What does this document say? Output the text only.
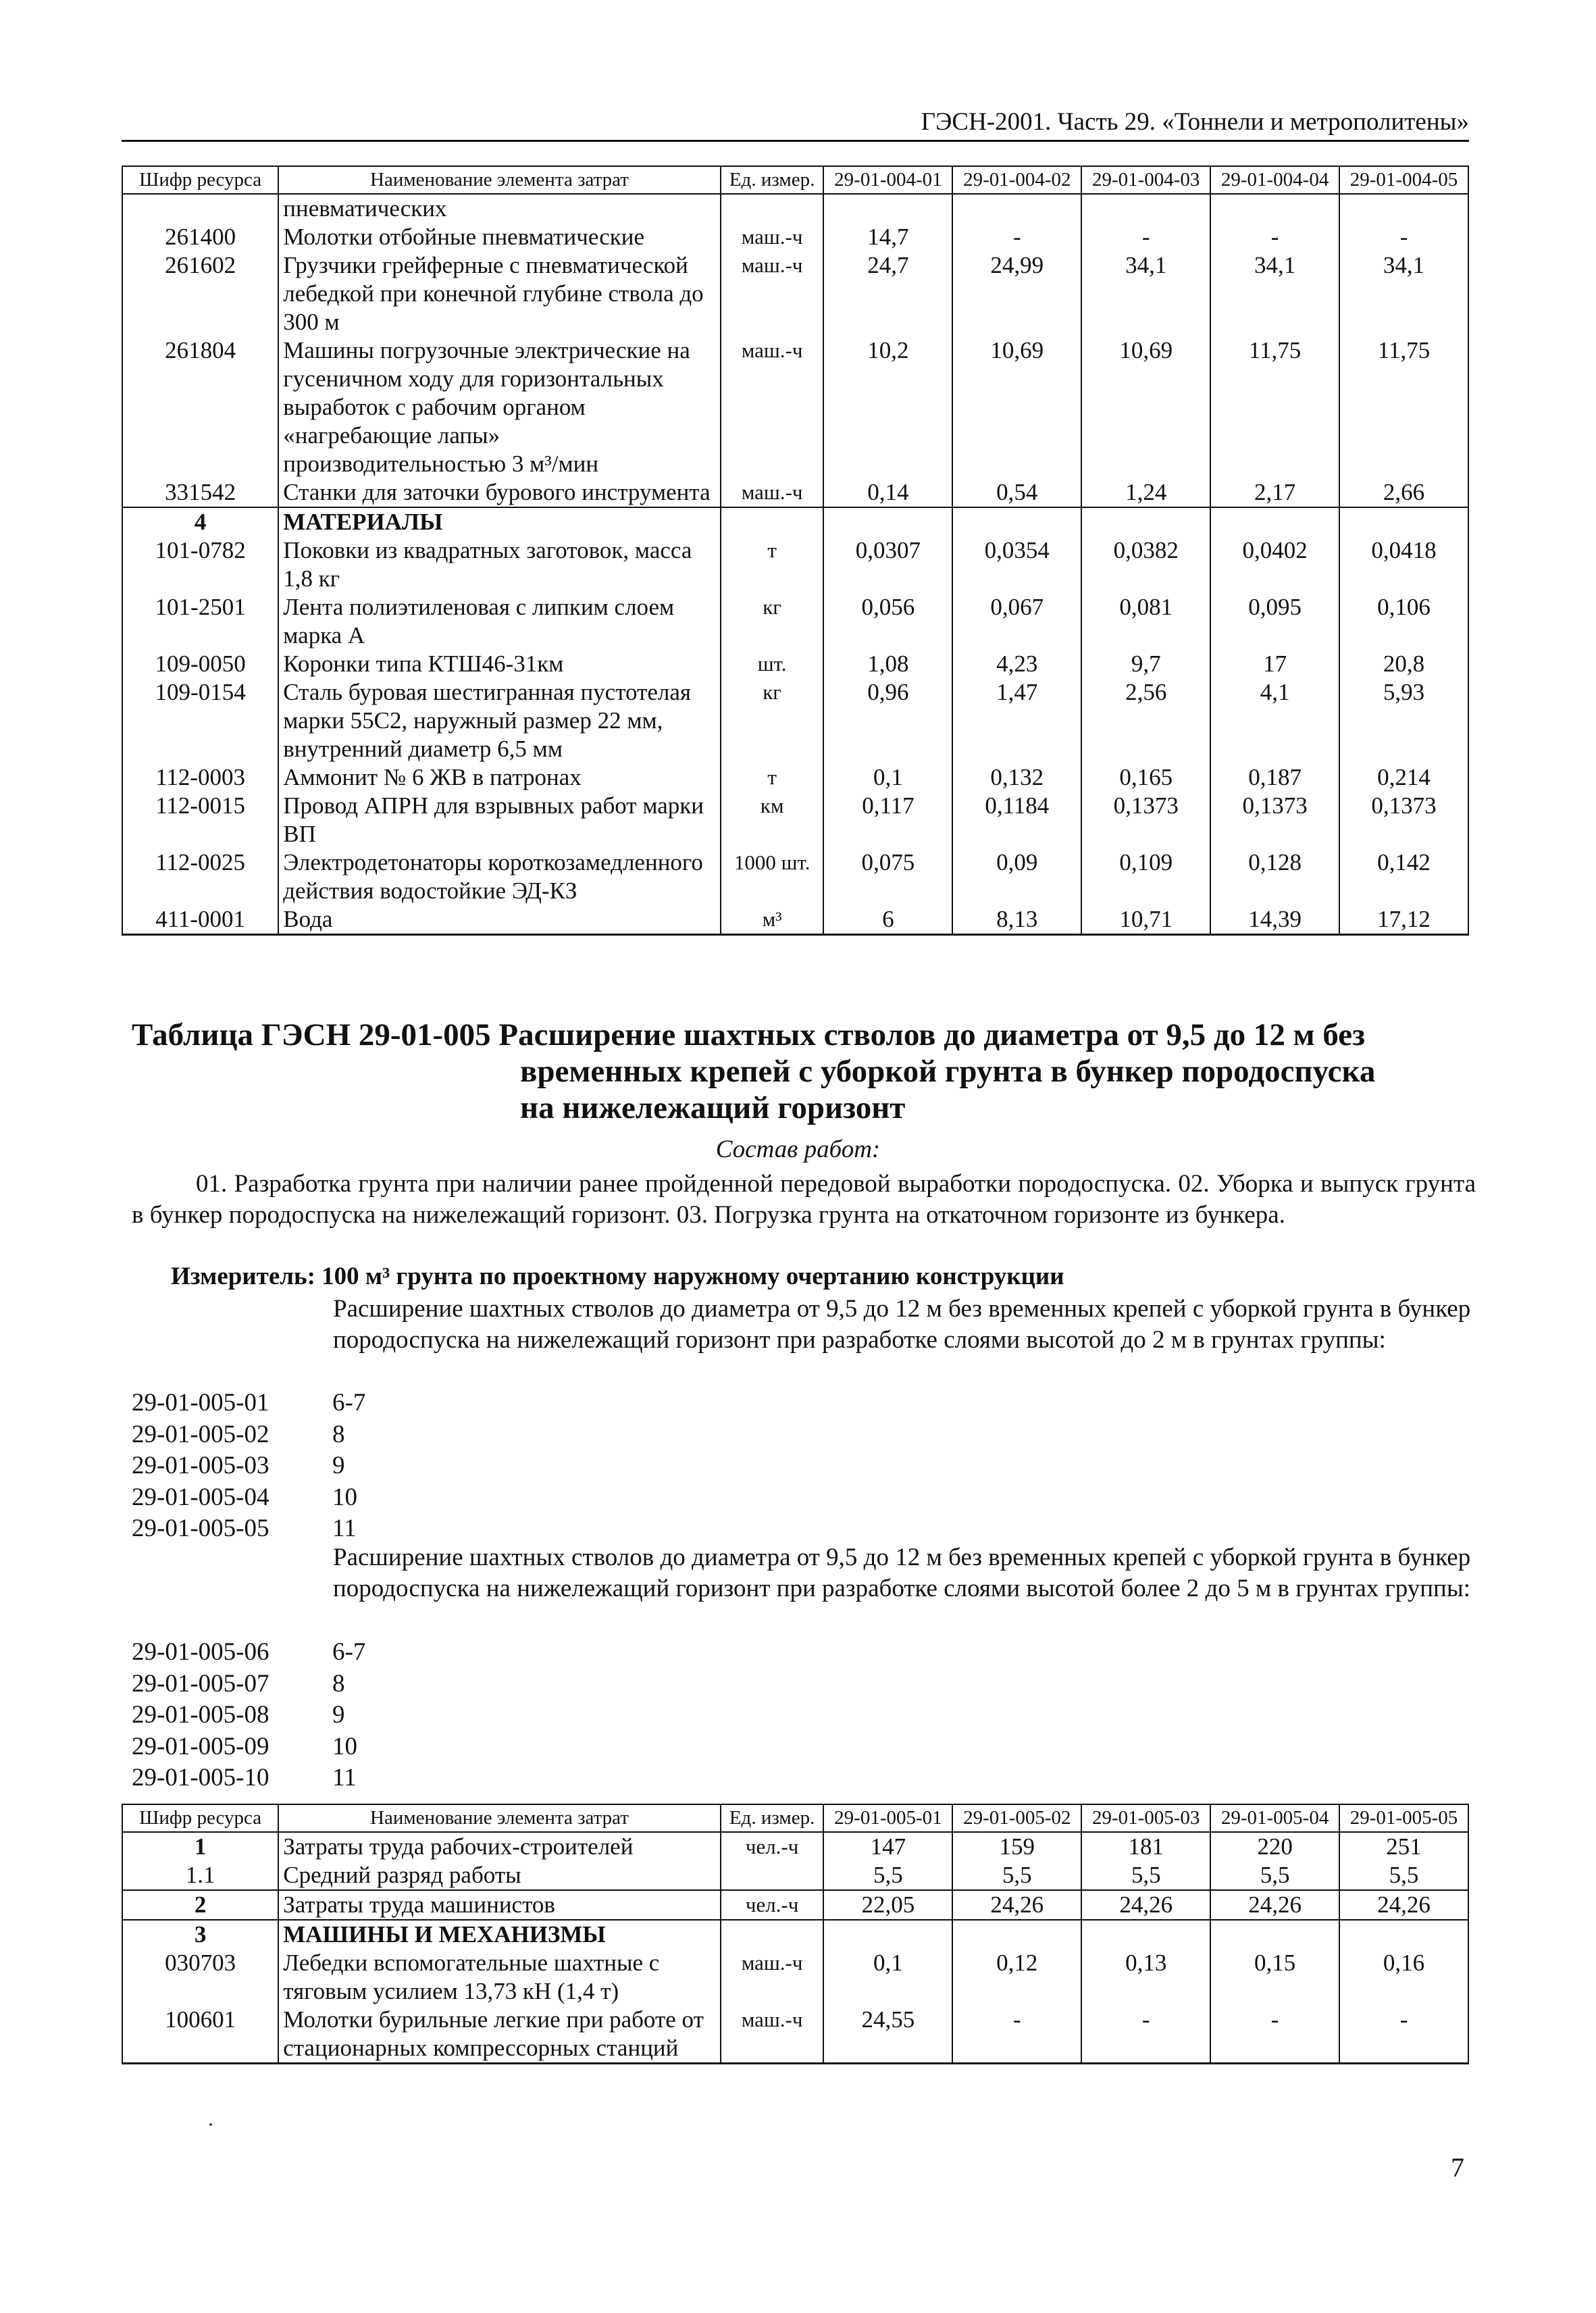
ГЭСН-2001. Часть 29. «Тоннели и метрополитены»
Шифр ресурса	Наименование элемента затрат	Ед. измер.	29-01-004-01	29-01-004-02	29-01-004-03	29-01-004-04	29-01-004-05
	пневматических						
261400	Молотки отбойные пневматические	маш.-ч	14,7	-	-	-	-
261602	Грузчики грейферные с пневматической лебедкой при конечной глубине ствола до 300 м	маш.-ч	24,7	24,99	34,1	34,1	34,1
261804	Машины погрузочные электрические на гусеничном ходу для горизонтальных выработок с рабочим органом «нагребающие лапы» производительностью 3 м³/мин	маш.-ч	10,2	10,69	10,69	11,75	11,75
331542	Станки для заточки бурового инструмента	маш.-ч	0,14	0,54	1,24	2,17	2,66
4	МАТЕРИАЛЫ						
101-0782	Поковки из квадратных заготовок, масса 1,8 кг	т	0,0307	0,0354	0,0382	0,0402	0,0418
101-2501	Лента полиэтиленовая с липким слоем марка А	кг	0,056	0,067	0,081	0,095	0,106
109-0050	Коронки типа КТШ46-31км	шт.	1,08	4,23	9,7	17	20,8
109-0154	Сталь буровая шестигранная пустотелая марки 55С2, наружный размер 22 мм, внутренний диаметр 6,5 мм	кг	0,96	1,47	2,56	4,1	5,93
112-0003	Аммонит № 6 ЖВ в патронах	т	0,1	0,132	0,165	0,187	0,214
112-0015	Провод АПРН для взрывных работ марки ВП	км	0,117	0,1184	0,1373	0,1373	0,1373
112-0025	Электродетонаторы короткозамедленного действия водостойкие ЭД-КЗ	1000 шт.	0,075	0,09	0,109	0,128	0,142
411-0001	Вода	м³	6	8,13	10,71	14,39	17,12
Таблица ГЭСН 29-01-005 Расширение шахтных стволов до диаметра от 9,5 до 12 м без
временных крепей с уборкой грунта в бункер породоспуска
на нижележащий горизонт
Состав работ:
01. Разработка грунта при наличии ранее пройденной передовой выработки породоспуска. 02. Уборка и выпуск грунта в бункер породоспуска на нижележащий горизонт. 03. Погрузка грунта на откаточном горизонте из бункера.
Измеритель: 100 м³ грунта по проектному наружному очертанию конструкции
Расширение шахтных стволов до диаметра от 9,5 до 12 м без временных крепей с уборкой грунта в бункер породоспуска на нижележащий горизонт при разработке слоями высотой до 2 м в грунтах группы:
29-01-005-01	6-7
29-01-005-02	8
29-01-005-03	9
29-01-005-04	10
29-01-005-05	11
Расширение шахтных стволов до диаметра от 9,5 до 12 м без временных крепей с уборкой грунта в бункер породоспуска на нижележащий горизонт при разработке слоями высотой более 2 до 5 м в грунтах группы:
29-01-005-06	6-7
29-01-005-07	8
29-01-005-08	9
29-01-005-09	10
29-01-005-10	11
Шифр ресурса	Наименование элемента затрат	Ед. измер.	29-01-005-01	29-01-005-02	29-01-005-03	29-01-005-04	29-01-005-05
1	Затраты труда рабочих-строителей	чел.-ч	147	159	181	220	251
1.1	Средний разряд работы		5,5	5,5	5,5	5,5	5,5
2	Затраты труда машинистов	чел.-ч	22,05	24,26	24,26	24,26	24,26
3	МАШИНЫ И МЕХАНИЗМЫ						
030703	Лебедки вспомогательные шахтные с тяговым усилием 13,73 кН (1,4 т)	маш.-ч	0,1	0,12	0,13	0,15	0,16
100601	Молотки бурильные легкие при работе от стационарных компрессорных станций	маш.-ч	24,55	-	-	-	-
7
